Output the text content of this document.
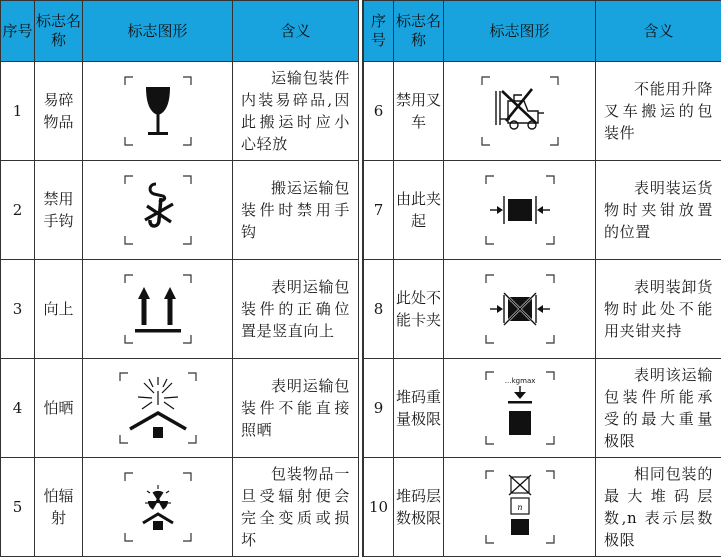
序号	标志名称	标志图形	含义
1	易碎物品		运输包装件内装易碎品,因此搬运时应小心轻放
2	禁用手钩		搬运运输包装件时禁用手钩
3	向上		表明运输包装件的正确位置是竖直向上
4	怕晒		表明运输包装件不能直接照晒
5	怕辐射		包装物品一旦受辐射便会完全变质或损坏
序号	标志名称	标志图形	含义
6	禁用叉车		不能用升降叉车搬运的包装件
7	由此夹起		表明装运货物时夹钳放置的位置
8	此处不能卡夹		表明装卸货物时此处不能用夹钳夹持
9	堆码重量极限	…kgmax	表明该运输包装件所能承受的最大重量极限
10	堆码层数极限	n	相同包装的最大堆码层数,n 表示层数极限
